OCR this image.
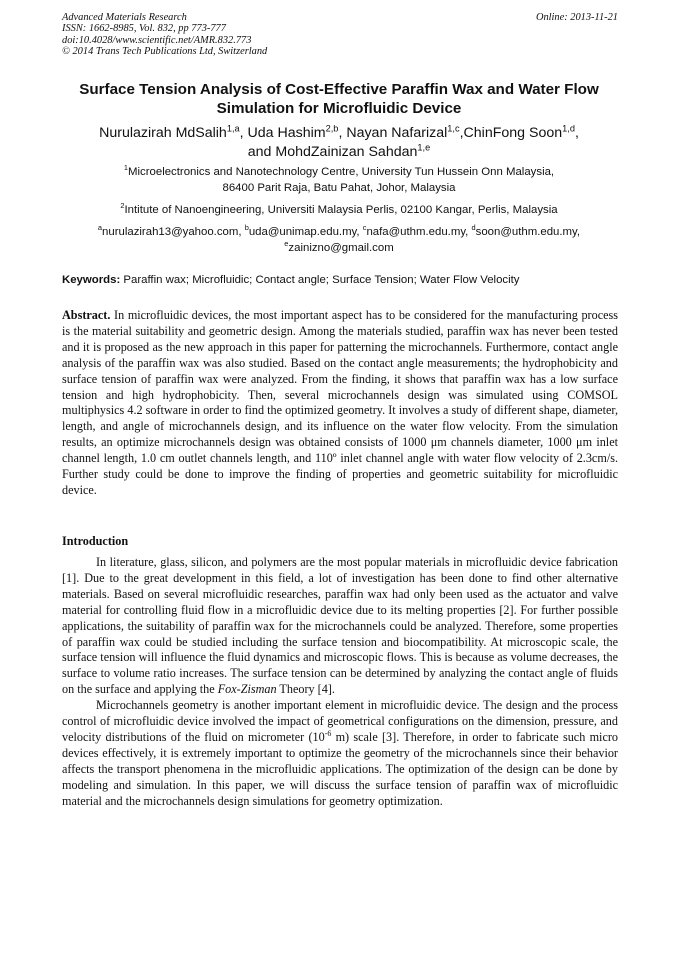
Advanced Materials Research
ISSN: 1662-8985, Vol. 832, pp 773-777
doi:10.4028/www.scientific.net/AMR.832.773
© 2014 Trans Tech Publications Ltd, Switzerland
Online: 2013-11-21
Surface Tension Analysis of Cost-Effective Paraffin Wax and Water Flow
Simulation for Microfluidic Device
Nurulazirah MdSalih$^{1,a}$, Uda Hashim$^{2,b}$, Nayan Nafarizal$^{1,c}$,ChinFong Soon$^{1,d}$,
and MohdZainizan Sahdan$^{1,e}$
$^1$Microelectronics and Nanotechnology Centre, University Tun Hussein Onn Malaysia,
86400 Parit Raja, Batu Pahat, Johor, Malaysia
$^2$Intitute of Nanoengineering, Universiti Malaysia Perlis, 02100 Kangar, Perlis, Malaysia
$^a$nurulazirah13@yahoo.com, $^b$uda@unimap.edu.my, $^c$nafa@uthm.edu.my, $^d$soon@uthm.edu.my,
$^e$zainizno@gmail.com
Keywords: Paraffin wax; Microfluidic; Contact angle; Surface Tension; Water Flow Velocity
Abstract. In microfluidic devices, the most important aspect has to be considered for the manufacturing process is the material suitability and geometric design. Among the materials studied, paraffin wax has never been tested and it is proposed as the new approach in this paper for patterning the microchannels. Furthermore, contact angle analysis of the paraffin wax was also studied. Based on the contact angle measurements; the hydrophobicity and surface tension of paraffin wax were analyzed. From the finding, it shows that paraffin wax has a low surface tension and high hydrophobicity. Then, several microchannels design was simulated using COMSOL multiphysics 4.2 software in order to find the optimized geometry. It involves a study of different shape, diameter, length, and angle of microchannels design, and its influence on the water flow velocity. From the simulation results, an optimize microchannels design was obtained consists of 1000 μm channels diameter, 1000 μm inlet channel length, 1.0 cm outlet channels length, and 110º inlet channel angle with water flow velocity of 2.3cm/s. Further study could be done to improve the finding of properties and geometric suitability for microfluidic device.
Introduction

In literature, glass, silicon, and polymers are the most popular materials in microfluidic device fabrication [1]. Due to the great development in this field, a lot of investigation has been done to find other alternative materials. Based on several microfluidic researches, paraffin wax had only been used as the actuator and valve material for controlling fluid flow in a microfluidic device due to its melting properties [2]. For further possible applications, the suitability of paraffin wax for the microchannels could be analyzed. Therefore, some properties of paraffin wax could be studied including the surface tension and biocompatibility. At microscopic scale, the surface tension will influence the fluid dynamics and microscopic flows. This is because as volume decreases, the surface to volume ratio increases. The surface tension can be determined by analyzing the contact angle of fluids on the surface and applying the Fox-Zisman Theory [4].

Microchannels geometry is another important element in microfluidic device. The design and the process control of microfluidic device involved the impact of geometrical configurations on the dimension, pressure, and velocity distributions of the fluid on micrometer ($10^{-6}$ m) scale [3]. Therefore, in order to fabricate such micro devices effectively, it is extremely important to optimize the geometry of the microchannels since their behavior affects the transport phenomena in the microfluidic applications. The optimization of the design can be done by modeling and simulation. In this paper, we will discuss the surface tension of paraffin wax of microfluidic material and the microchannels design simulations for geometry optimization.
